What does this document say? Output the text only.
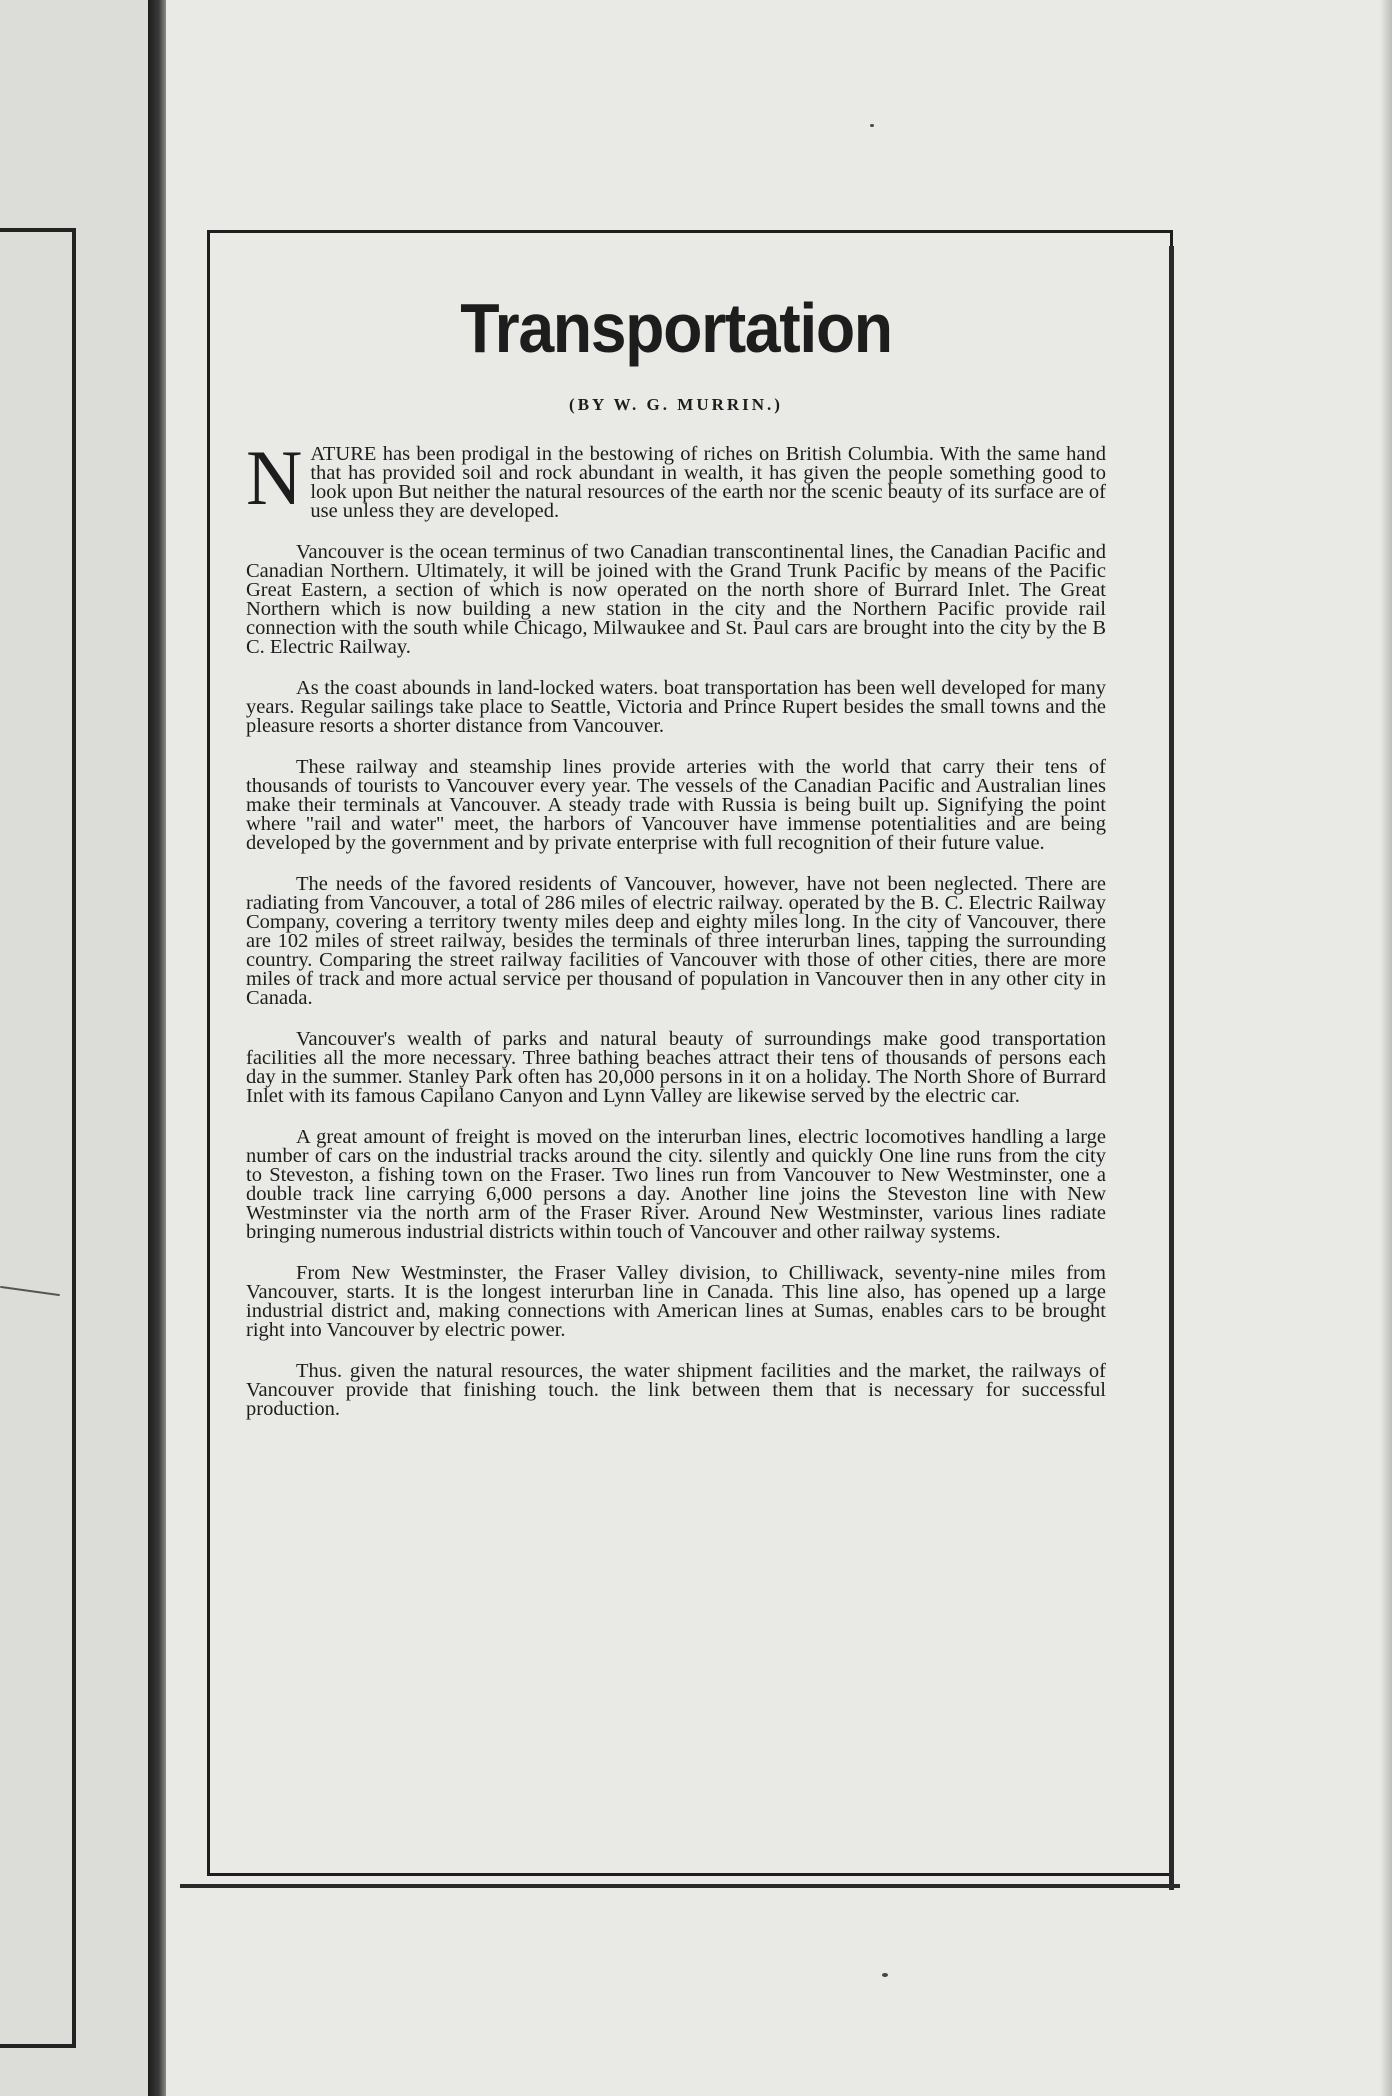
Transportation
(BY W. G. MURRIN.)

NATURE has been prodigal in the bestowing of riches on British Columbia. With the same hand that has provided soil and rock abundant in wealth, it has given the people something good to look upon But neither the natural resources of the earth nor the scenic beauty of its surface are of use unless they are developed.

Vancouver is the ocean terminus of two Canadian transcontinental lines, the Canadian Pacific and Canadian Northern. Ultimately, it will be joined with the Grand Trunk Pacific by means of the Pacific Great Eastern, a section of which is now operated on the north shore of Burrard Inlet. The Great Northern which is now building a new station in the city and the Northern Pacific provide rail connection with the south while Chicago, Milwaukee and St. Paul cars are brought into the city by the B C. Electric Railway.

As the coast abounds in land-locked waters. boat transportation has been well developed for many years. Regular sailings take place to Seattle, Victoria and Prince Rupert besides the small towns and the pleasure resorts a shorter distance from Vancouver.

These railway and steamship lines provide arteries with the world that carry their tens of thousands of tourists to Vancouver every year. The vessels of the Canadian Pacific and Australian lines make their terminals at Vancouver. A steady trade with Russia is being built up. Signifying the point where "rail and water" meet, the harbors of Vancouver have immense potentialities and are being developed by the government and by private enterprise with full recognition of their future value.

The needs of the favored residents of Vancouver, however, have not been neglected. There are radiating from Vancouver, a total of 286 miles of electric railway. operated by the B. C. Electric Railway Company, covering a territory twenty miles deep and eighty miles long. In the city of Vancouver, there are 102 miles of street railway, besides the terminals of three interurban lines, tapping the surrounding country. Comparing the street railway facilities of Vancouver with those of other cities, there are more miles of track and more actual service per thousand of population in Vancouver then in any other city in Canada.

Vancouver's wealth of parks and natural beauty of surroundings make good transportation facilities all the more necessary. Three bathing beaches attract their tens of thousands of persons each day in the summer. Stanley Park often has 20,000 persons in it on a holiday. The North Shore of Burrard Inlet with its famous Capilano Canyon and Lynn Valley are likewise served by the electric car.

A great amount of freight is moved on the interurban lines, electric locomotives handling a large number of cars on the industrial tracks around the city. silently and quickly One line runs from the city to Steveston, a fishing town on the Fraser. Two lines run from Vancouver to New Westminster, one a double track line carrying 6,000 persons a day. Another line joins the Steveston line with New Westminster via the north arm of the Fraser River. Around New Westminster, various lines radiate bringing numerous industrial districts within touch of Vancouver and other railway systems.

From New Westminster, the Fraser Valley division, to Chilliwack, seventy-nine miles from Vancouver, starts. It is the longest interurban line in Canada. This line also, has opened up a large industrial district and, making connections with American lines at Sumas, enables cars to be brought right into Vancouver by electric power.

Thus. given the natural resources, the water shipment facilities and the market, the railways of Vancouver provide that finishing touch. the link between them that is necessary for successful production.
